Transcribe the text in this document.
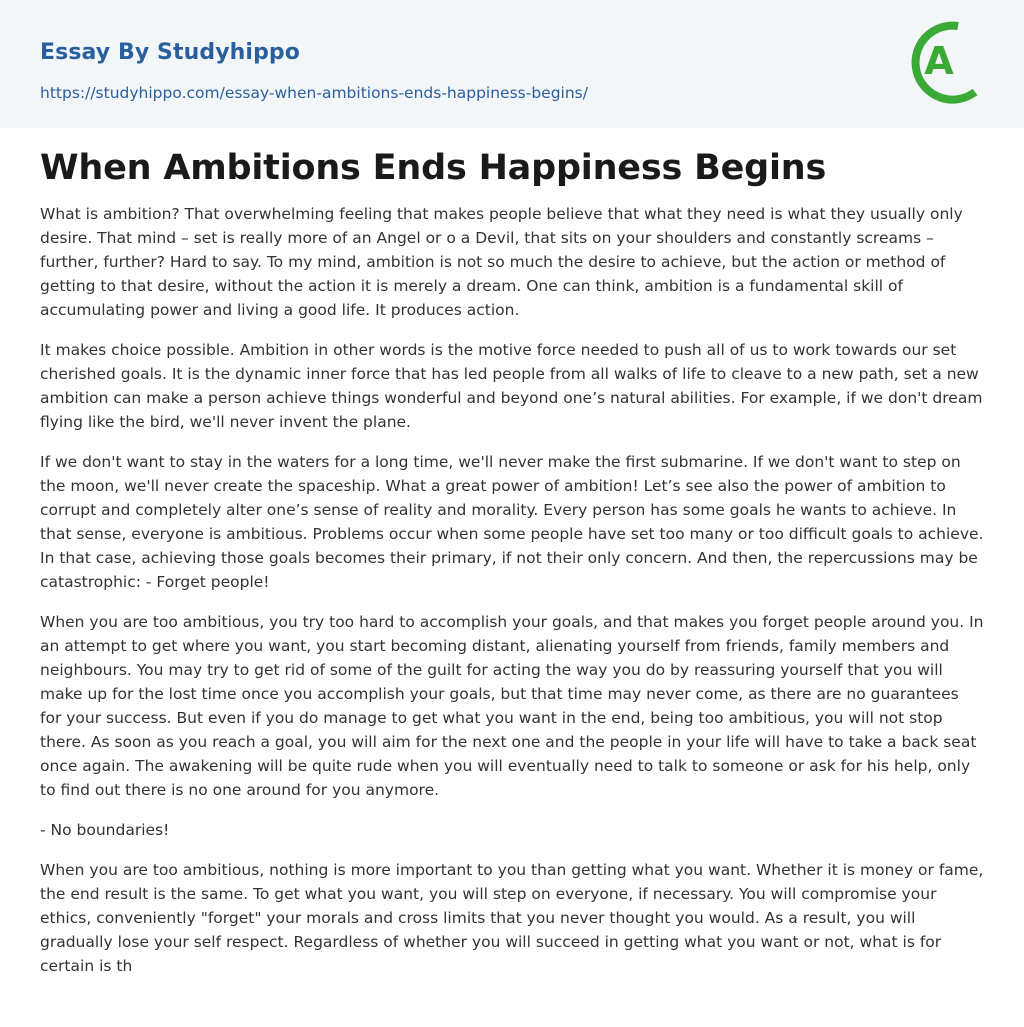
Essay By Studyhippo
https://studyhippo.com/essay-when-ambitions-ends-happiness-begins/
A
When Ambitions Ends Happiness Begins

What is ambition? That overwhelming feeling that makes people believe that what they need is what they usually only desire. That mind – set is really more of an Angel or o a Devil, that sits on your shoulders and constantly screams – further, further? Hard to say. To my mind, ambition is not so much the desire to achieve, but the action or method of getting to that desire, without the action it is merely a dream. One can think, ambition is a fundamental skill of accumulating power and living a good life. It produces action.

It makes choice possible. Ambition in other words is the motive force needed to push all of us to work towards our set cherished goals. It is the dynamic inner force that has led people from all walks of life to cleave to a new path, set a new ambition can make a person achieve things wonderful and beyond one’s natural abilities. For example, if we don't dream flying like the bird, we'll never invent the plane.

If we don't want to stay in the waters for a long time, we'll never make the first submarine. If we don't want to step on the moon, we'll never create the spaceship. What a great power of ambition! Let’s see also the power of ambition to corrupt and completely alter one’s sense of reality and morality. Every person has some goals he wants to achieve. In that sense, everyone is ambitious. Problems occur when some people have set too many or too difficult goals to achieve. In that case, achieving those goals becomes their primary, if not their only concern. And then, the repercussions may be catastrophic: - Forget people!

When you are too ambitious, you try too hard to accomplish your goals, and that makes you forget people around you. In an attempt to get where you want, you start becoming distant, alienating yourself from friends, family members and neighbours. You may try to get rid of some of the guilt for acting the way you do by reassuring yourself that you will make up for the lost time once you accomplish your goals, but that time may never come, as there are no guarantees for your success. But even if you do manage to get what you want in the end, being too ambitious, you will not stop there. As soon as you reach a goal, you will aim for the next one and the people in your life will have to take a back seat once again. The awakening will be quite rude when you will eventually need to talk to someone or ask for his help, only to find out there is no one around for you anymore.

- No boundaries!

When you are too ambitious, nothing is more important to you than getting what you want. Whether it is money or fame, the end result is the same. To get what you want, you will step on everyone, if necessary. You will compromise your ethics, conveniently "forget" your morals and cross limits that you never thought you would. As a result, you will gradually lose your self respect. Regardless of whether you will succeed in getting what you want or not, what is for certain is th
